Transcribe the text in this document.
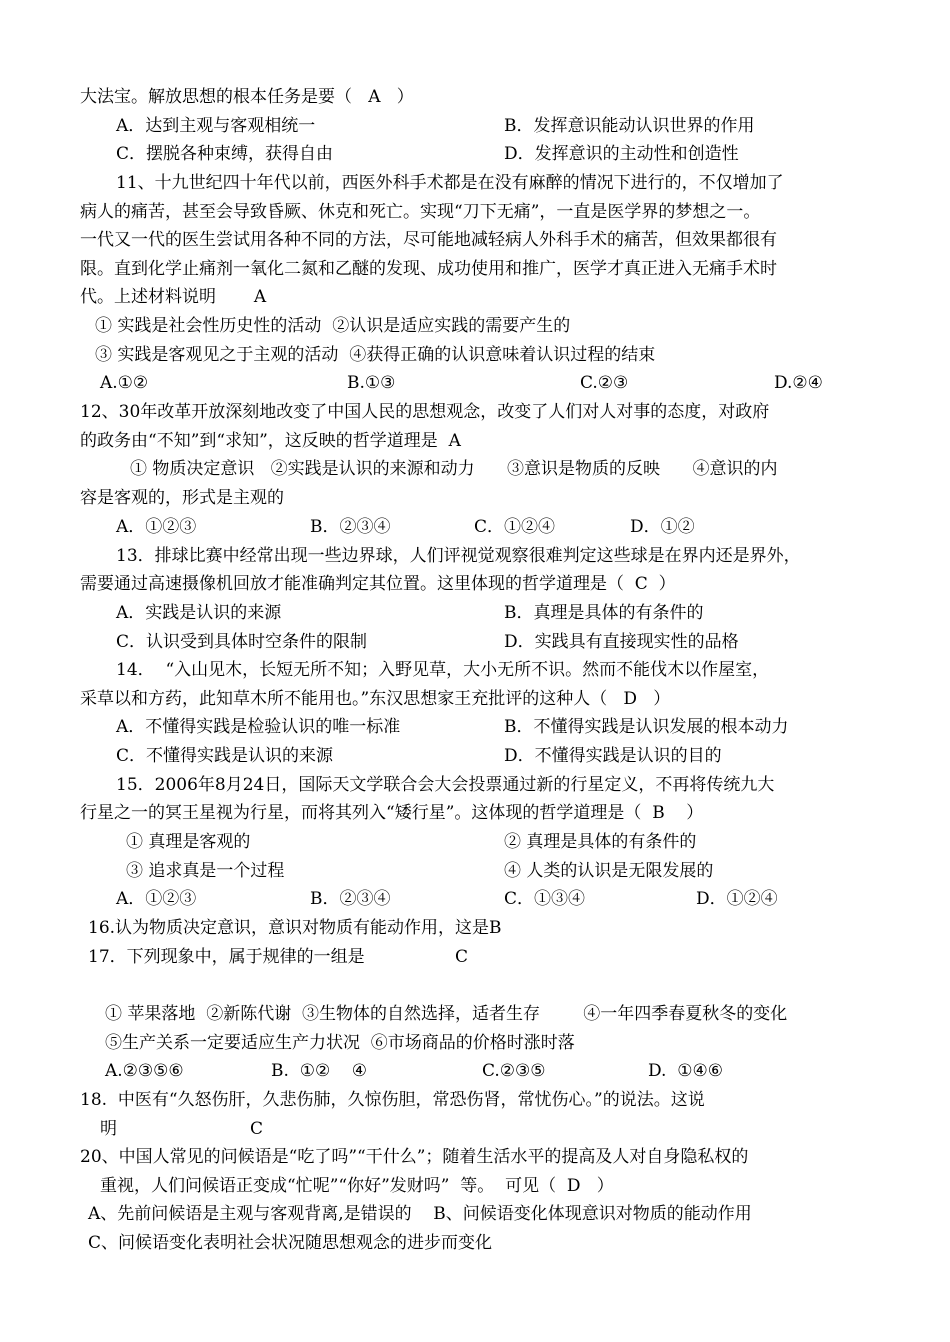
大法宝。解放思想的根本任务是要（   A   ）
A．达到主观与客观相统一	B．发挥意识能动认识世界的作用
C．摆脱各种束缚，获得自由	D．发挥意识的主动性和创造性
11、十九世纪四十年代以前，西医外科手术都是在没有麻醉的情况下进行的，不仅增加了
病人的痛苦，甚至会导致昏厥、休克和死亡。实现“刀下无痛”，一直是医学界的梦想之一。
一代又一代的医生尝试用各种不同的方法，尽可能地减轻病人外科手术的痛苦，但效果都很有
限。直到化学止痛剂一氧化二氮和乙醚的发现、成功使用和推广，医学才真正进入无痛手术时
代。上述材料说明       A
① 实践是社会性历史性的活动  ②认识是适应实践的需要产生的
③ 实践是客观见之于主观的活动  ④获得正确的认识意味着认识过程的结束
A.①②	B.①③	C.②③	D.②④
12、30年改革开放深刻地改变了中国人民的思想观念，改变了人们对人对事的态度，对政府
的政务由“不知”到“求知”，这反映的哲学道理是  A
① 物质决定意识   ②实践是认识的来源和动力      ③意识是物质的反映      ④意识的内
容是客观的，形式是主观的
A．①②③	B．②③④	C．①②④	D．①②
13．排球比赛中经常出现一些边界球，人们评视觉观察很难判定这些球是在界内还是界外，
需要通过高速摄像机回放才能准确判定其位置。这里体现的哲学道理是（  C  ）
A．实践是认识的来源	B．真理是具体的有条件的
C．认识受到具体时空条件的限制	D．实践具有直接现实性的品格
14．  “入山见木，长短无所不知；入野见草，大小无所不识。然而不能伐木以作屋室，
采草以和方药，此知草木所不能用也。”东汉思想家王充批评的这种人（   D   ）
A．不懂得实践是检验认识的唯一标准	B．不懂得实践是认识发展的根本动力
C．不懂得实践是认识的来源	D．不懂得实践是认识的目的
15．2006年8月24日，国际天文学联合会大会投票通过新的行星定义，不再将传统九大
行星之一的冥王星视为行星，而将其列入“矮行星”。这体现的哲学道理是（  B    ）
① 真理是客观的	② 真理是具体的有条件的
③ 追求真是一个过程	④ 人类的认识是无限发展的
A．①②③	B．②③④	C．①③④	D．①②④
16.认为物质决定意识，意识对物质有能动作用，这是B
17．下列现象中，属于规律的一组是	C
① 苹果落地  ②新陈代谢  ③生物体的自然选择，适者生存        ④一年四季春夏秋冬的变化
⑤生产关系一定要适应生产力状况  ⑥市场商品的价格时涨时落
A.②③⑤⑥	B.  ①②    ④	C.②③⑤	D.  ①④⑥
18.  中医有“久怒伤肝，久悲伤肺，久惊伤胆，常恐伤肾，常忧伤心。”的说法。这说
明	C
20、中国人常见的问候语是“吃了吗”“干什么”；随着生活水平的提高及人对自身隐私权的
重视，人们问候语正变成“忙呢”“你好”发财吗”  等。  可见（  D   ）
A、先前问候语是主观与客观背离,是错误的    B、问候语变化体现意识对物质的能动作用
C、问候语变化表明社会状况随思想观念的进步而变化
